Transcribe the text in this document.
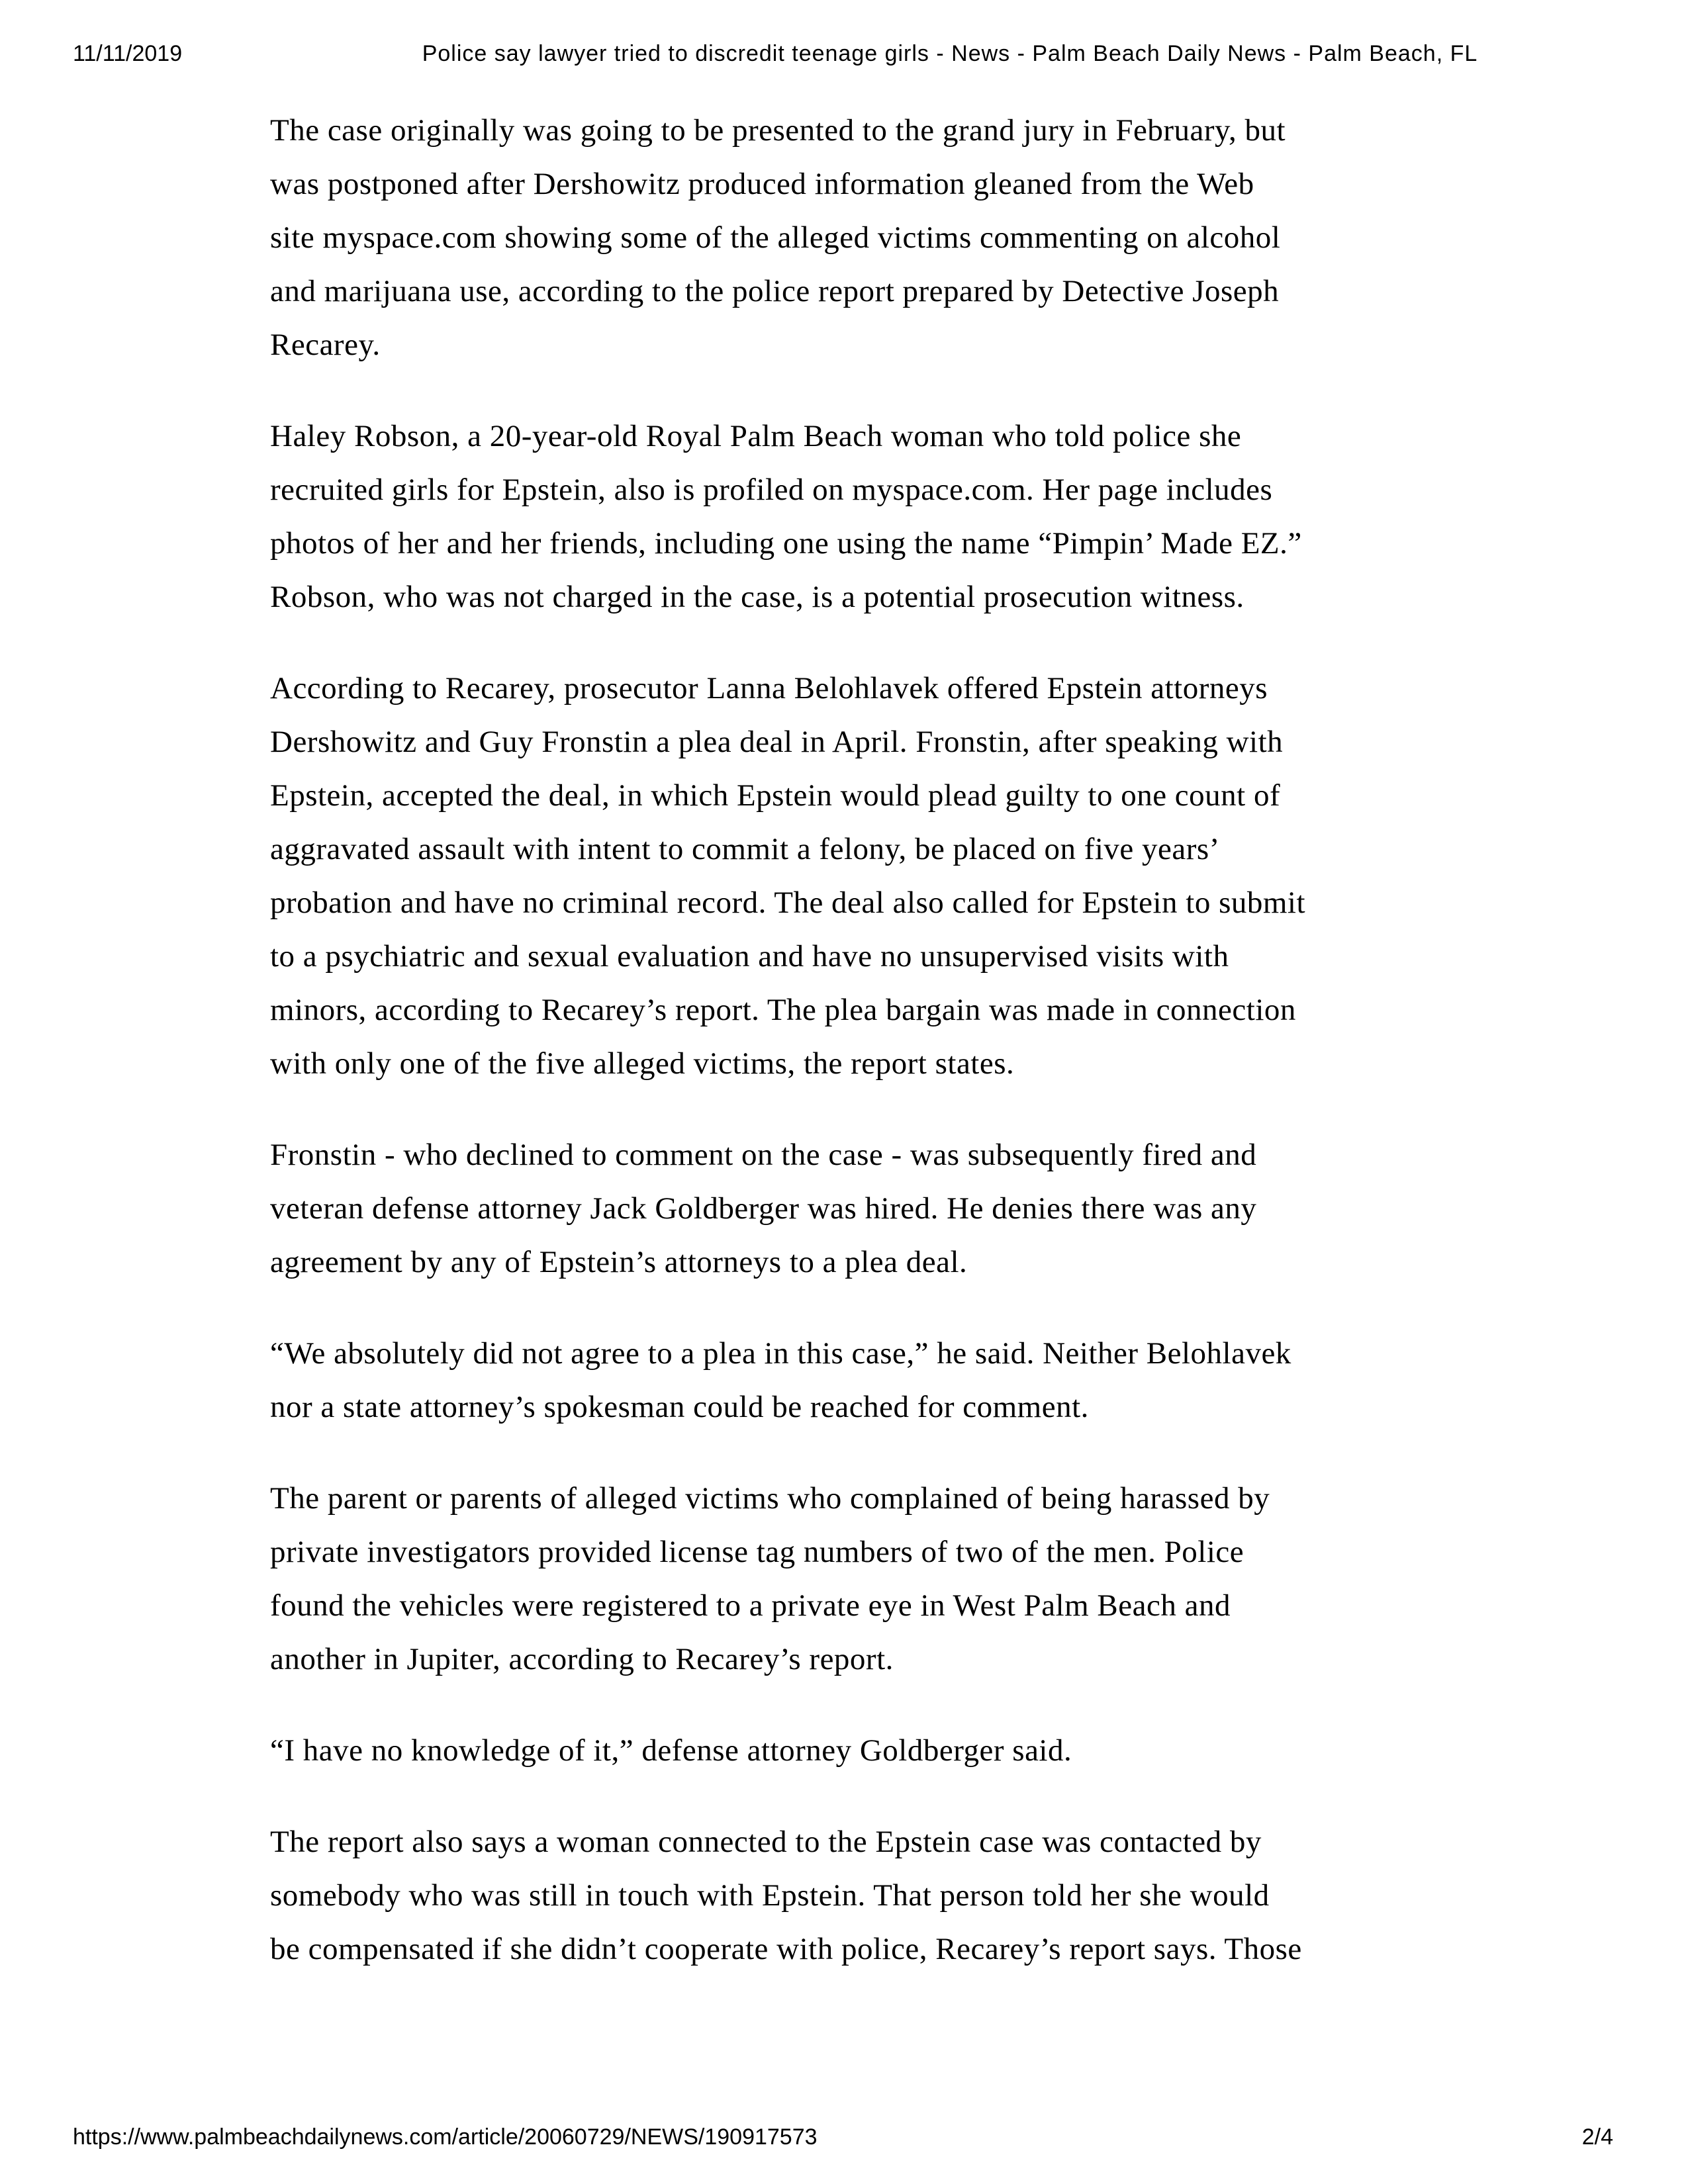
11/11/2019	Police say lawyer tried to discredit teenage girls - News - Palm Beach Daily News - Palm Beach, FL

The case originally was going to be presented to the grand jury in February, but
was postponed after Dershowitz produced information gleaned from the Web
site myspace.com showing some of the alleged victims commenting on alcohol
and marijuana use, according to the police report prepared by Detective Joseph
Recarey.

Haley Robson, a 20-year-old Royal Palm Beach woman who told police she
recruited girls for Epstein, also is profiled on myspace.com. Her page includes
photos of her and her friends, including one using the name “Pimpin’ Made EZ.”
Robson, who was not charged in the case, is a potential prosecution witness.

According to Recarey, prosecutor Lanna Belohlavek offered Epstein attorneys
Dershowitz and Guy Fronstin a plea deal in April. Fronstin, after speaking with
Epstein, accepted the deal, in which Epstein would plead guilty to one count of
aggravated assault with intent to commit a felony, be placed on five years’
probation and have no criminal record. The deal also called for Epstein to submit
to a psychiatric and sexual evaluation and have no unsupervised visits with
minors, according to Recarey’s report. The plea bargain was made in connection
with only one of the five alleged victims, the report states.

Fronstin - who declined to comment on the case - was subsequently fired and
veteran defense attorney Jack Goldberger was hired. He denies there was any
agreement by any of Epstein’s attorneys to a plea deal.

“We absolutely did not agree to a plea in this case,” he said. Neither Belohlavek
nor a state attorney’s spokesman could be reached for comment.

The parent or parents of alleged victims who complained of being harassed by
private investigators provided license tag numbers of two of the men. Police
found the vehicles were registered to a private eye in West Palm Beach and
another in Jupiter, according to Recarey’s report.

“I have no knowledge of it,” defense attorney Goldberger said.

The report also says a woman connected to the Epstein case was contacted by
somebody who was still in touch with Epstein. That person told her she would
be compensated if she didn’t cooperate with police, Recarey’s report says. Those

https://www.palmbeachdailynews.com/article/20060729/NEWS/190917573	2/4
